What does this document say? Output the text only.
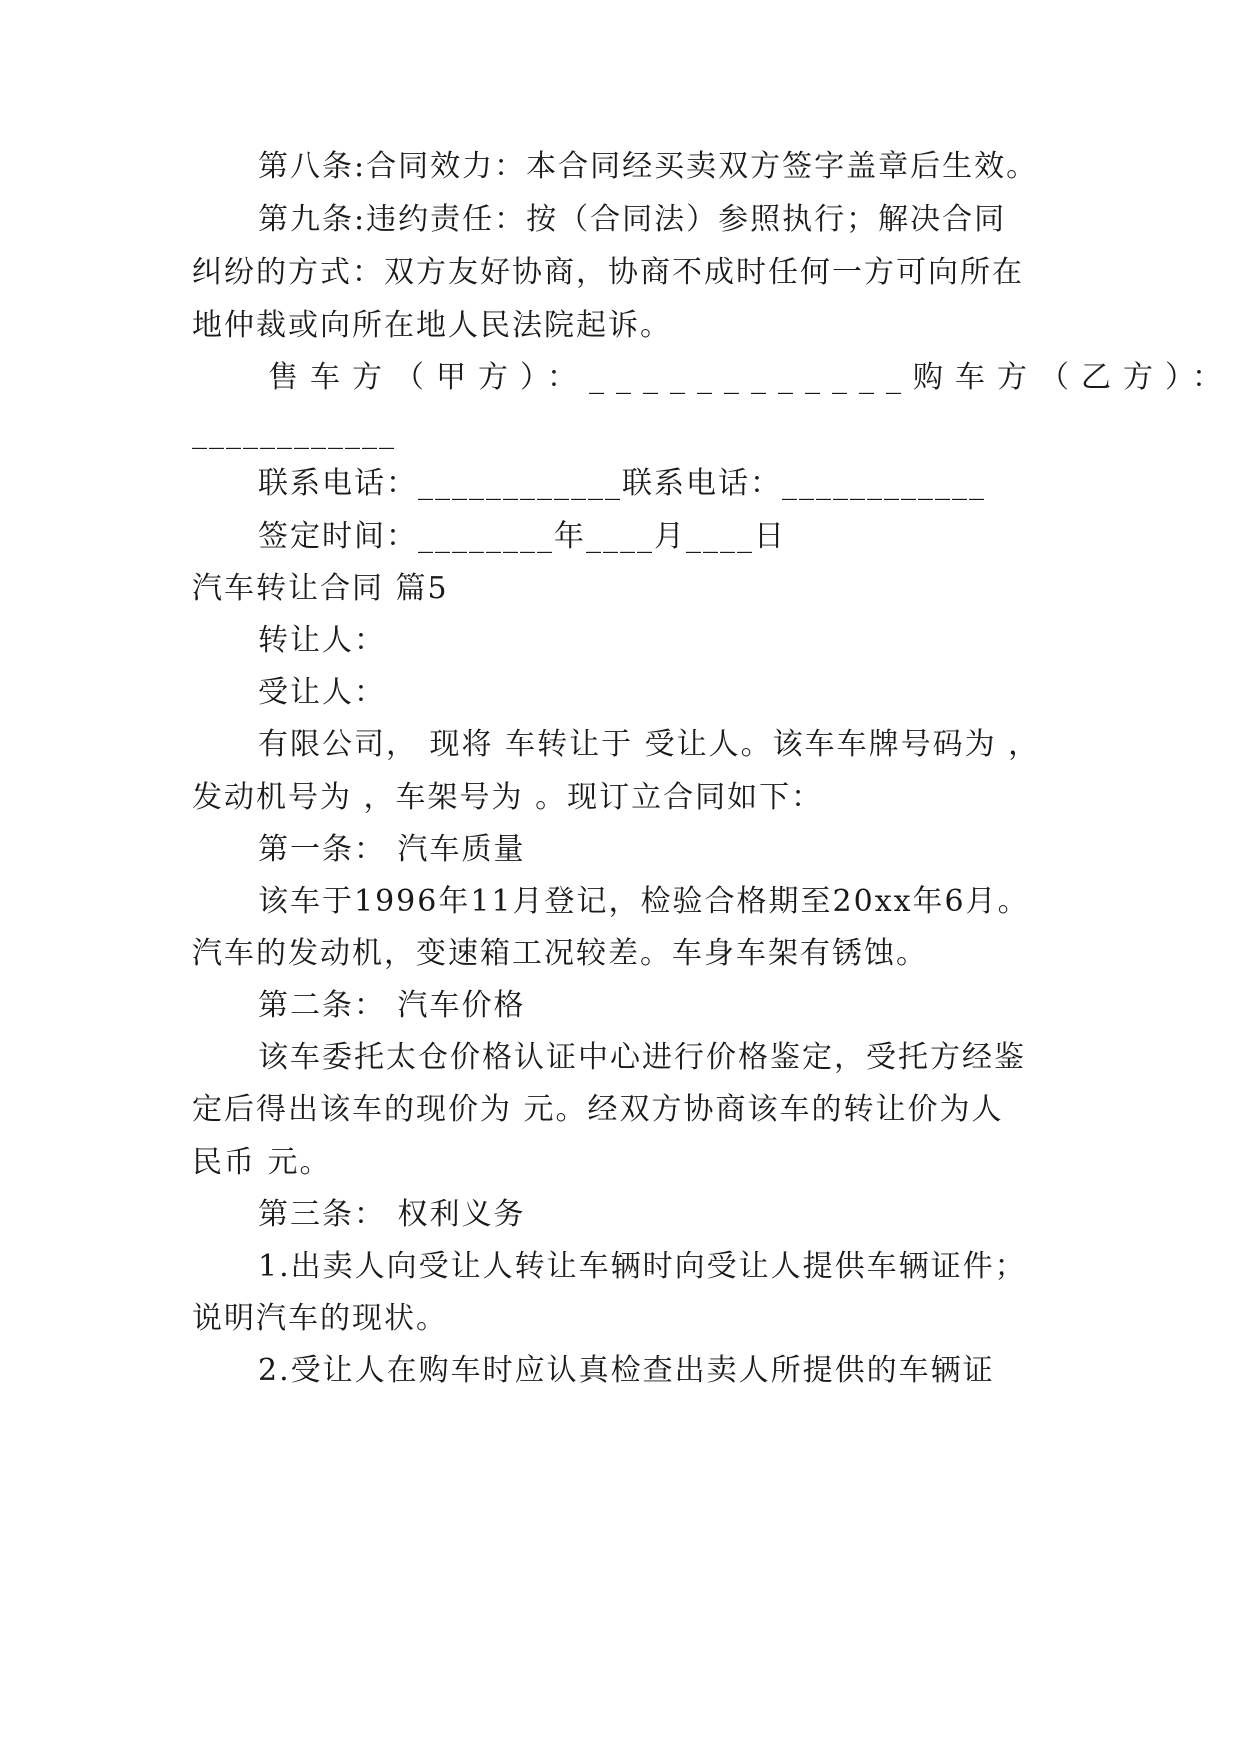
第八条:合同效力：本合同经买卖双方签字盖章后生效。
第九条:违约责任：按（合同法）参照执行；解决合同
纠纷的方式：双方友好协商，协商不成时任何一方可向所在
地仲裁或向所在地人民法院起诉。
售车方（甲方）：____________购车方（乙方）：
____________
联系电话：____________联系电话：____________
签定时间：________年____月____日
汽车转让合同 篇5
转让人：
受让人：
有限公司， 现将 车转让于 受让人。该车车牌号码为 ，
发动机号为 ，车架号为 。现订立合同如下：
第一条： 汽车质量
该车于1996年11月登记，检验合格期至20xx年6月。
汽车的发动机，变速箱工况较差。车身车架有锈蚀。
第二条： 汽车价格
该车委托太仓价格认证中心进行价格鉴定，受托方经鉴
定后得出该车的现价为 元。经双方协商该车的转让价为人
民币 元。
第三条： 权利义务
1.出卖人向受让人转让车辆时向受让人提供车辆证件；
说明汽车的现状。
2.受让人在购车时应认真检查出卖人所提供的车辆证
